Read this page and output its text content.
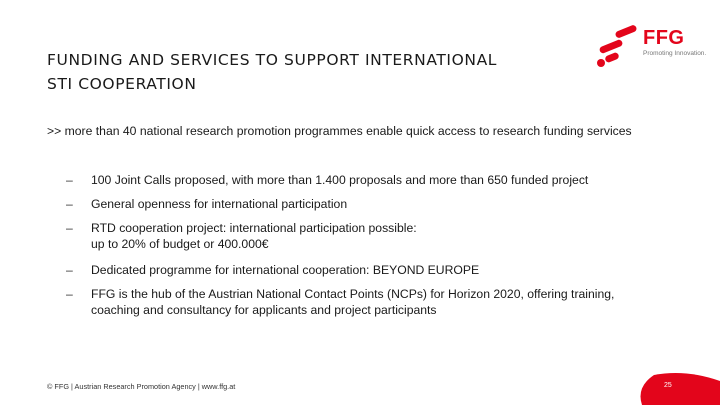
FUNDING AND SERVICES TO SUPPORT INTERNATIONAL
STI COOPERATION
FFG
Promoting Innovation.
>> more than 40 national research promotion programmes enable quick access to research funding services
–	100 Joint Calls proposed, with more than 1.400 proposals and more than 650 funded project
–	General openness for international participation
–	RTD cooperation project: international participation possible:
up to 20% of budget or 400.000€
–	Dedicated programme for international cooperation: BEYOND EUROPE
–	FFG is the hub of the Austrian National Contact Points (NCPs) for Horizon 2020, offering training,
coaching and consultancy for applicants and project participants
© FFG | Austrian Research Promotion Agency | www.ffg.at	25
